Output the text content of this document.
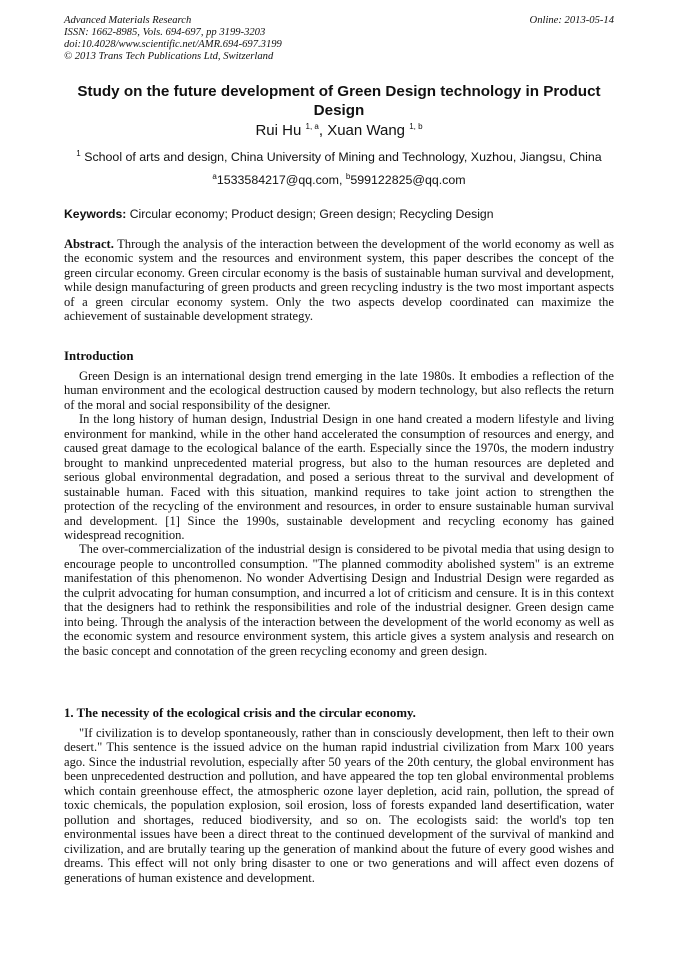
Advanced Materials Research
ISSN: 1662-8985, Vols. 694-697, pp 3199-3203
doi:10.4028/www.scientific.net/AMR.694-697.3199
© 2013 Trans Tech Publications Ltd, Switzerland
Online: 2013-05-14
Study on the future development of Green Design technology in Product Design
Rui Hu $^{1, a}$, Xuan Wang $^{1, b}$
$^1$ School of arts and design, China University of Mining and Technology, Xuzhou, Jiangsu, China
$^a$1533584217@qq.com, $^b$599122825@qq.com
Keywords: Circular economy; Product design; Green design; Recycling Design

Abstract. Through the analysis of the interaction between the development of the world economy as well as the economic system and the resources and environment system, this paper describes the concept of the green circular economy. Green circular economy is the basis of sustainable human survival and development, while design manufacturing of green products and green recycling industry is the two most important aspects of a green circular economy system. Only the two aspects develop coordinated can maximize the achievement of sustainable development strategy.

Introduction

Green Design is an international design trend emerging in the late 1980s. It embodies a reflection of the human environment and the ecological destruction caused by modern technology, but also reflects the return of the moral and social responsibility of the designer.

In the long history of human design, Industrial Design in one hand created a modern lifestyle and living environment for mankind, while in the other hand accelerated the consumption of resources and energy, and caused great damage to the ecological balance of the earth. Especially since the 1970s, the modern industry brought to mankind unprecedented material progress, but also to the human resources are depleted and serious global environmental degradation, and posed a serious threat to the survival and development of sustainable human. Faced with this situation, mankind requires to take joint action to strengthen the protection of the recycling of the environment and resources, in order to ensure sustainable human survival and development. [1] Since the 1990s, sustainable development and recycling economy has gained widespread recognition.

The over-commercialization of the industrial design is considered to be pivotal media that using design to encourage people to uncontrolled consumption. "The planned commodity abolished system" is an extreme manifestation of this phenomenon. No wonder Advertising Design and Industrial Design were regarded as the culprit advocating for human consumption, and incurred a lot of criticism and censure. It is in this context that the designers had to rethink the responsibilities and role of the industrial designer. Green design came into being. Through the analysis of the interaction between the development of the world economy as well as the economic system and resource environment system, this article gives a system analysis and research on the basic concept and connotation of the green recycling economy and green design.

1. The necessity of the ecological crisis and the circular economy.

"If civilization is to develop spontaneously, rather than in consciously development, then left to their own desert." This sentence is the issued advice on the human rapid industrial civilization from Marx 100 years ago. Since the industrial revolution, especially after 50 years of the 20th century, the global environment has been unprecedented destruction and pollution, and have appeared the top ten global environmental problems which contain greenhouse effect, the atmospheric ozone layer depletion, acid rain, pollution, the spread of toxic chemicals, the population explosion, soil erosion, loss of forests expanded land desertification, water pollution and shortages, reduced biodiversity, and so on. The ecologists said: the world's top ten environmental issues have been a direct threat to the continued development of the survival of mankind and civilization, and are brutally tearing up the generation of mankind about the future of every good wishes and dreams. This effect will not only bring disaster to one or two generations and will affect even dozens of generations of human existence and development.
